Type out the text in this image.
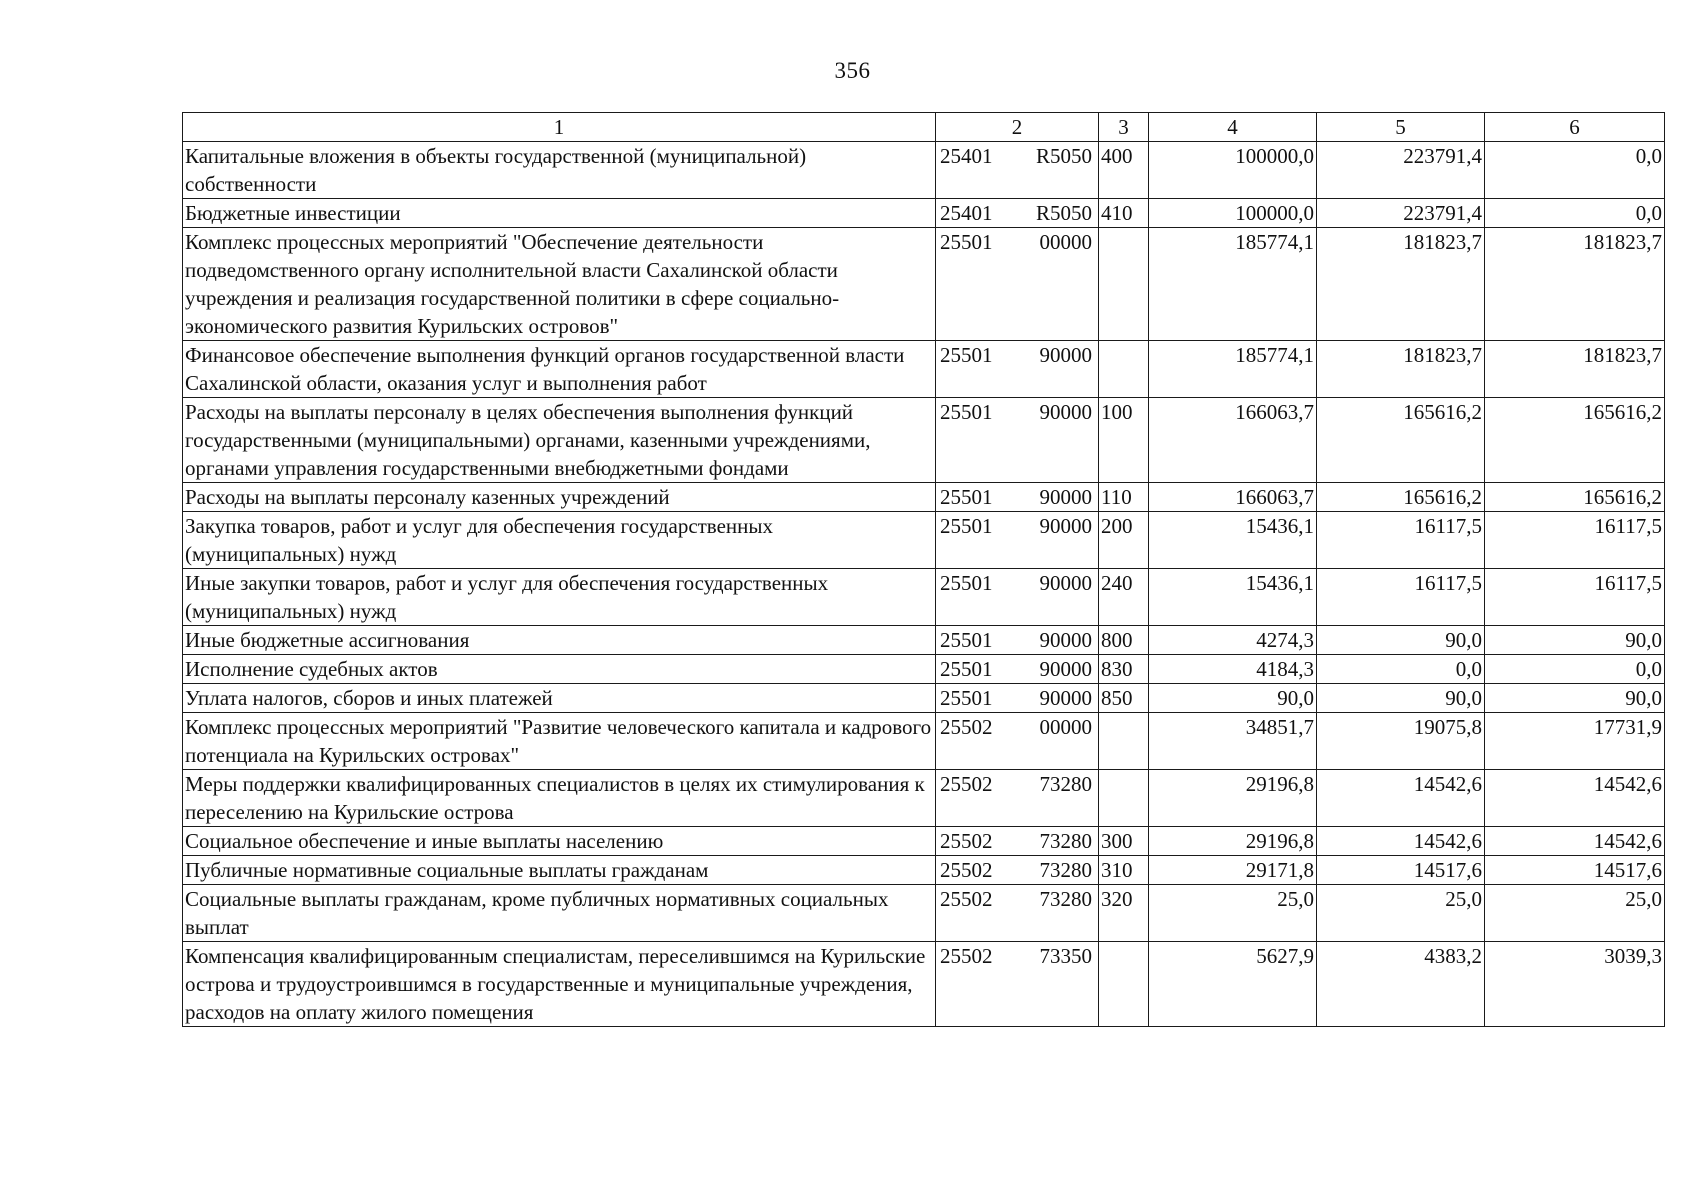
356
1	2	3	4	5	6
Капитальные вложения в объекты государственной (муниципальной) собственности	25401 R5050	400	100000,0	223791,4	0,0
Бюджетные инвестиции	25401 R5050	410	100000,0	223791,4	0,0
Комплекс процессных мероприятий "Обеспечение деятельности подведомственного органу исполнительной власти Сахалинской области учреждения и реализация государственной политики в сфере социально-экономического развития Курильских островов"	25501 00000		185774,1	181823,7	181823,7
Финансовое обеспечение выполнения функций органов государственной власти Сахалинской области, оказания услуг и выполнения работ	25501 90000		185774,1	181823,7	181823,7
Расходы на выплаты персоналу в целях обеспечения выполнения функций государственными (муниципальными) органами, казенными учреждениями, органами управления государственными внебюджетными фондами	25501 90000	100	166063,7	165616,2	165616,2
Расходы на выплаты персоналу казенных учреждений	25501 90000	110	166063,7	165616,2	165616,2
Закупка товаров, работ и услуг для обеспечения государственных (муниципальных) нужд	25501 90000	200	15436,1	16117,5	16117,5
Иные закупки товаров, работ и услуг для обеспечения государственных (муниципальных) нужд	25501 90000	240	15436,1	16117,5	16117,5
Иные бюджетные ассигнования	25501 90000	800	4274,3	90,0	90,0
Исполнение судебных актов	25501 90000	830	4184,3	0,0	0,0
Уплата налогов, сборов и иных платежей	25501 90000	850	90,0	90,0	90,0
Комплекс процессных мероприятий "Развитие человеческого капитала и кадрового потенциала на Курильских островах"	25502 00000		34851,7	19075,8	17731,9
Меры поддержки квалифицированных специалистов в целях их стимулирования к переселению на Курильские острова	25502 73280		29196,8	14542,6	14542,6
Социальное обеспечение и иные выплаты населению	25502 73280	300	29196,8	14542,6	14542,6
Публичные нормативные социальные выплаты гражданам	25502 73280	310	29171,8	14517,6	14517,6
Социальные выплаты гражданам, кроме публичных нормативных социальных выплат	25502 73280	320	25,0	25,0	25,0
Компенсация квалифицированным специалистам, переселившимся на Курильские острова и трудоустроившимся в государственные и муниципальные учреждения, расходов на оплату жилого помещения	25502 73350		5627,9	4383,2	3039,3
